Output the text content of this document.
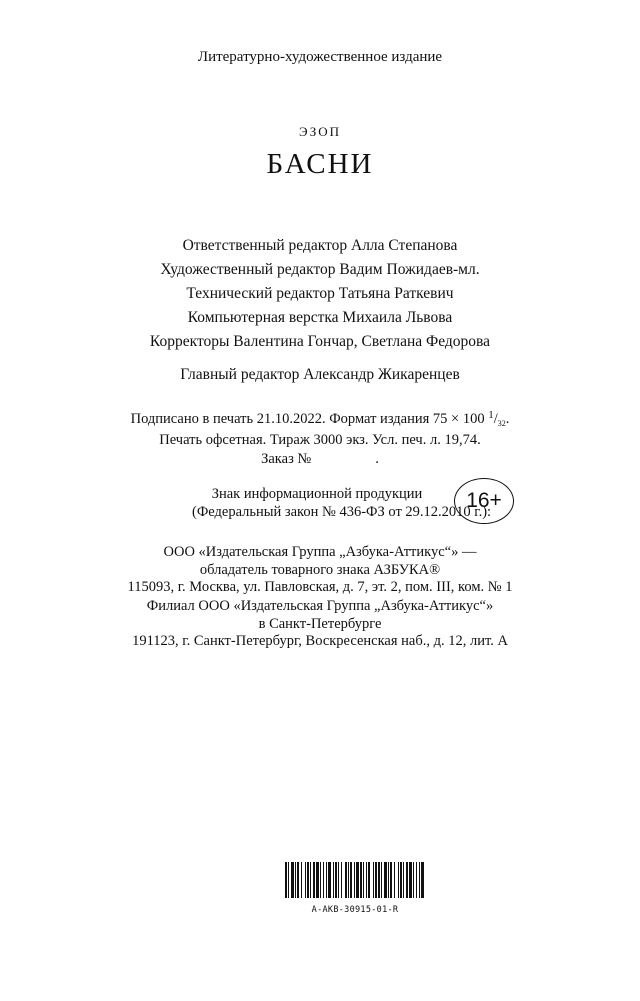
Литературно-художественное издание
ЭЗОП
БАСНИ
Ответственный редактор Алла Степанова
Художественный редактор Вадим Пожидаев-мл.
Технический редактор Татьяна Раткевич
Компьютерная верстка Михаила Львова
Корректоры Валентина Гончар, Светлана Федорова
Главный редактор Александр Жикаренцев
Подписано в печать 21.10.2022. Формат издания 75 × 100 $^1/_{32}$.
Печать офсетная. Тираж 3000 экз. Усл. печ. л. 19,74.
Заказ №	.
Знак информационной продукции
(Федеральный закон № 436-ФЗ от 29.12.2010 г.):
16+
ООО «Издательская Группа „Азбука-Аттикус“» —
обладатель товарного знака АЗБУКА®
115093, г. Москва, ул. Павловская, д. 7, эт. 2, пом. III, ком. № 1
Филиал ООО «Издательская Группа „Азбука-Аттикус“»
в Санкт-Петербурге
191123, г. Санкт-Петербург, Воскресенская наб., д. 12, лит. А
A-AKB-30915-01-R
